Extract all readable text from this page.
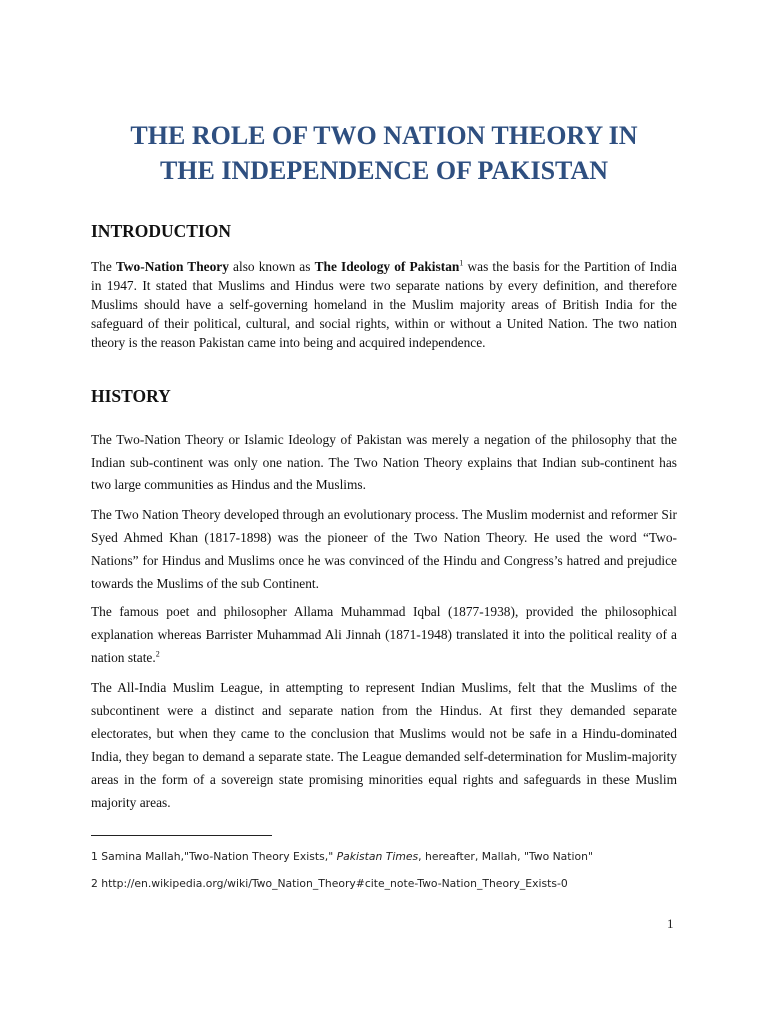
THE ROLE OF TWO NATION THEORY IN
THE INDEPENDENCE OF PAKISTAN
INTRODUCTION

The Two-Nation Theory also known as The Ideology of Pakistan$^1$ was the basis for the Partition of India in 1947. It stated that Muslims and Hindus were two separate nations by every definition, and therefore Muslims should have a self-governing homeland in the Muslim majority areas of British India for the safeguard of their political, cultural, and social rights, within or without a United Nation. The two nation theory is the reason Pakistan came into being and acquired independence.

HISTORY

The Two-Nation Theory or Islamic Ideology of Pakistan was merely a negation of the philosophy that the Indian sub-continent was only one nation. The Two Nation Theory explains that Indian sub-continent has two large communities as Hindus and the Muslims.

The Two Nation Theory developed through an evolutionary process. The Muslim modernist and reformer Sir Syed Ahmed Khan (1817-1898) was the pioneer of the Two Nation Theory. He used the word “Two-Nations” for Hindus and Muslims once he was convinced of the Hindu and Congress’s hatred and prejudice towards the Muslims of the sub Continent.

The famous poet and philosopher Allama Muhammad Iqbal (1877-1938), provided the philosophical explanation whereas Barrister Muhammad Ali Jinnah (1871-1948) translated it into the political reality of a nation state.$^2$

The All-India Muslim League, in attempting to represent Indian Muslims, felt that the Muslims of the subcontinent were a distinct and separate nation from the Hindus. At first they demanded separate electorates, but when they came to the conclusion that Muslims would not be safe in a Hindu-dominated India, they began to demand a separate state. The League demanded self-determination for Muslim-majority areas in the form of a sovereign state promising minorities equal rights and safeguards in these Muslim majority areas.

1 Samina Mallah,"Two-Nation Theory Exists," Pakistan Times, hereafter, Mallah, "Two Nation"
2 http://en.wikipedia.org/wiki/Two_Nation_Theory#cite_note-Two-Nation_Theory_Exists-0
1
